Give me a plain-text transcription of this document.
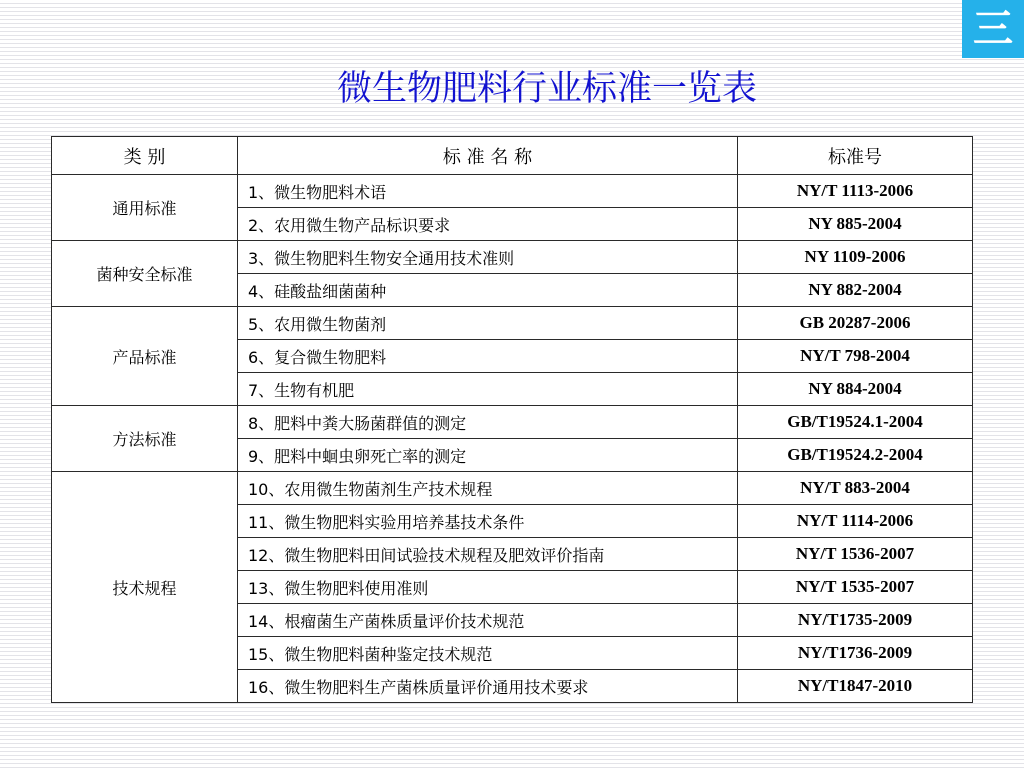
三
微生物肥料行业标准一览表
类 别	标 准 名 称	标准号
通用标准	1、微生物肥料术语	NY/T 1113-2006
	2、农用微生物产品标识要求	NY 885-2004
菌种安全标准	3、微生物肥料生物安全通用技术准则	NY 1109-2006
	4、硅酸盐细菌菌种	NY 882-2004
产品标准	5、农用微生物菌剂	GB 20287-2006
	6、复合微生物肥料	NY/T 798-2004
	7、生物有机肥	NY 884-2004
方法标准	8、肥料中粪大肠菌群值的测定	GB/T19524.1-2004
	9、肥料中蛔虫卵死亡率的测定	GB/T19524.2-2004
技术规程	10、农用微生物菌剂生产技术规程	NY/T 883-2004
	11、微生物肥料实验用培养基技术条件	NY/T 1114-2006
	12、微生物肥料田间试验技术规程及肥效评价指南	NY/T 1536-2007
	13、微生物肥料使用准则	NY/T 1535-2007
	14、根瘤菌生产菌株质量评价技术规范	NY/T1735-2009
	15、微生物肥料菌种鉴定技术规范	NY/T1736-2009
	16、微生物肥料生产菌株质量评价通用技术要求	NY/T1847-2010
